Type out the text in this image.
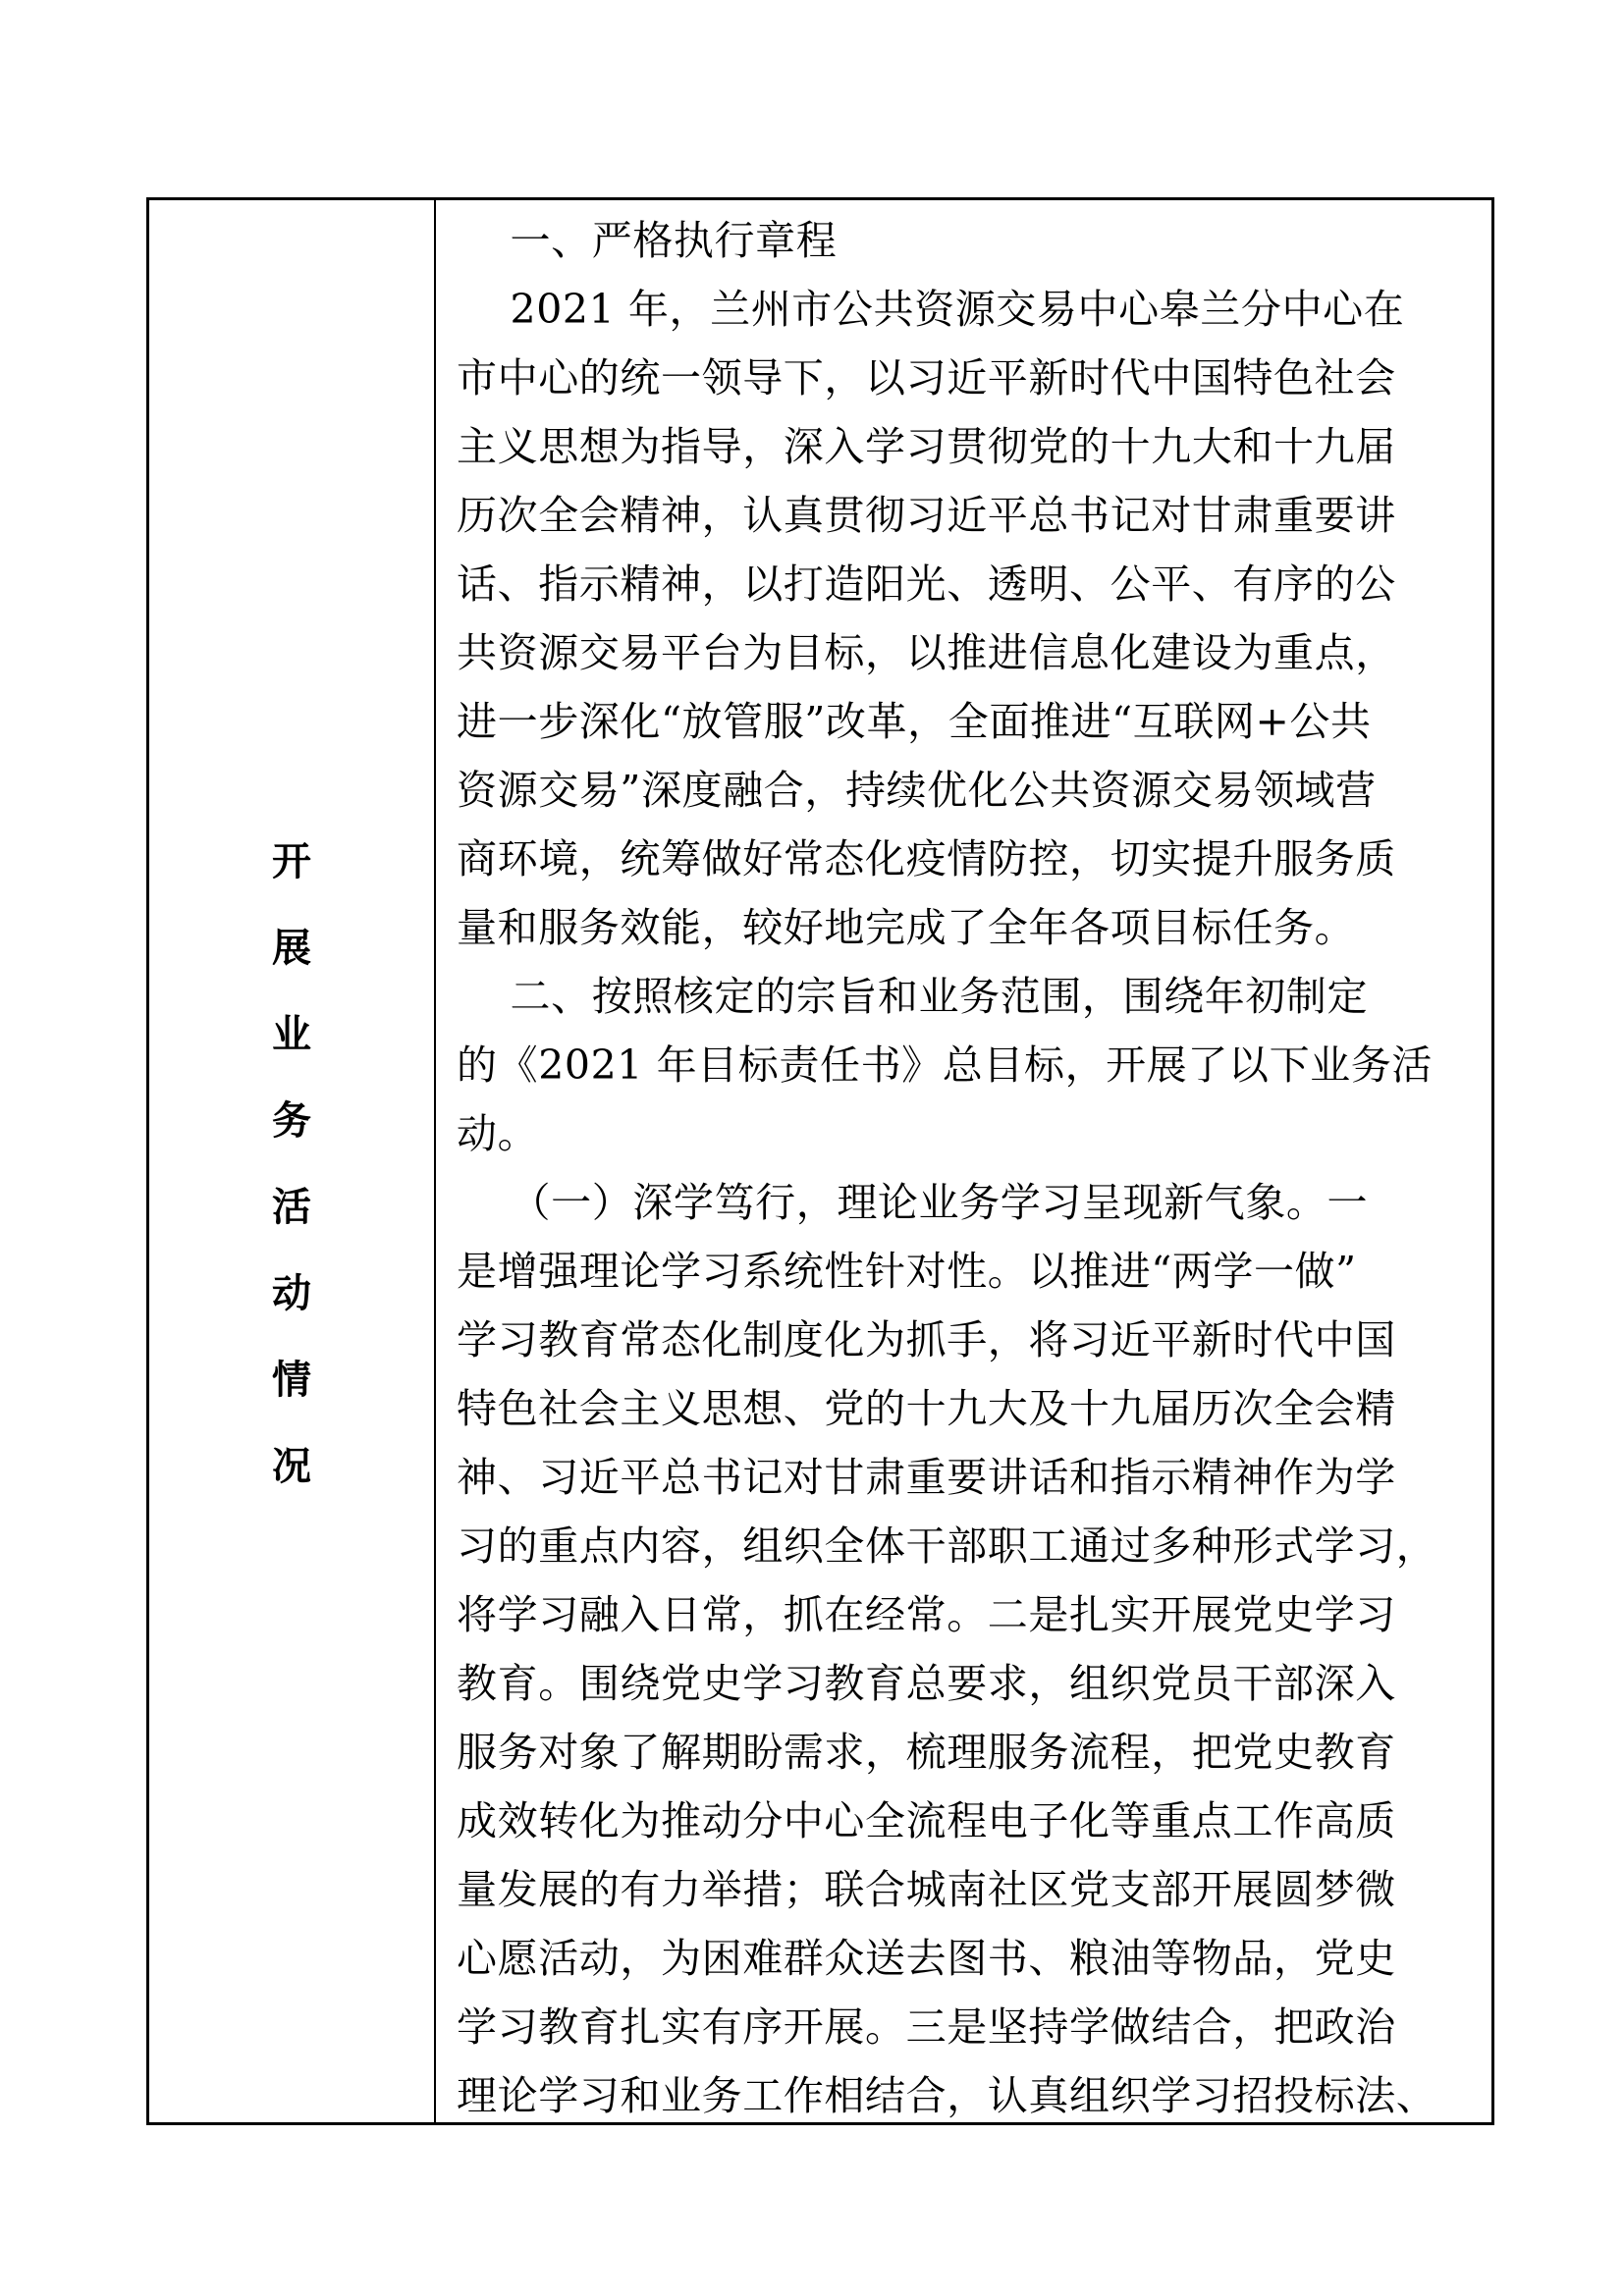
开
展
业
务
活
动
情
况
一、严格执行章程
2021 年，兰州市公共资源交易中心皋兰分中心在
市中心的统一领导下，以习近平新时代中国特色社会
主义思想为指导，深入学习贯彻党的十九大和十九届
历次全会精神，认真贯彻习近平总书记对甘肃重要讲
话、指示精神，以打造阳光、透明、公平、有序的公
共资源交易平台为目标，以推进信息化建设为重点，
进一步深化“放管服”改革，全面推进“互联网+公共
资源交易”深度融合，持续优化公共资源交易领域营
商环境，统筹做好常态化疫情防控，切实提升服务质
量和服务效能，较好地完成了全年各项目标任务。
二、按照核定的宗旨和业务范围，围绕年初制定
的《2021 年目标责任书》总目标，开展了以下业务活
动。
（一）深学笃行，理论业务学习呈现新气象。一
是增强理论学习系统性针对性。以推进“两学一做”
学习教育常态化制度化为抓手，将习近平新时代中国
特色社会主义思想、党的十九大及十九届历次全会精
神、习近平总书记对甘肃重要讲话和指示精神作为学
习的重点内容，组织全体干部职工通过多种形式学习，
将学习融入日常，抓在经常。二是扎实开展党史学习
教育。围绕党史学习教育总要求，组织党员干部深入
服务对象了解期盼需求，梳理服务流程，把党史教育
成效转化为推动分中心全流程电子化等重点工作高质
量发展的有力举措；联合城南社区党支部开展圆梦微
心愿活动，为困难群众送去图书、粮油等物品，党史
学习教育扎实有序开展。三是坚持学做结合，把政治
理论学习和业务工作相结合，认真组织学习招投标法、
